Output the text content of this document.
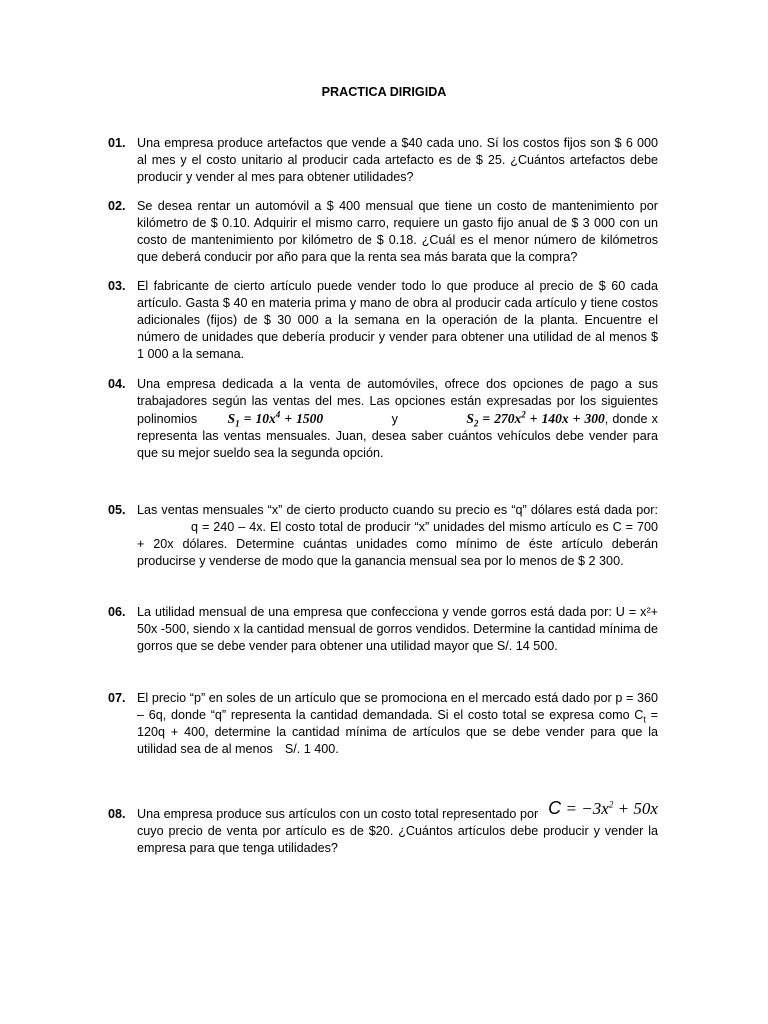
PRACTICA DIRIGIDA
01. Una empresa produce artefactos que vende a $40 cada uno. Sí los costos fijos son $ 6 000 al mes y el costo unitario al producir cada artefacto es de $ 25. ¿Cuántos artefactos debe producir y vender al mes para obtener utilidades?
02. Se desea rentar un automóvil a $ 400 mensual que tiene un costo de mantenimiento por kilómetro de $ 0.10. Adquirir el mismo carro, requiere un gasto fijo anual de $ 3 000 con un costo de mantenimiento por kilómetro de $ 0.18. ¿Cuál es el menor número de kilómetros que deberá conducir por año para que la renta sea más barata que la compra?
03. El fabricante de cierto artículo puede vender todo lo que produce al precio de $ 60 cada artículo. Gasta $ 40 en materia prima y mano de obra al producir cada artículo y tiene costos adicionales (fijos) de $ 30 000 a la semana en la operación de la planta. Encuentre el número de unidades que debería producir y vender para obtener una utilidad de al menos $ 1 000 a la semana.
04. Una empresa dedicada a la venta de automóviles, ofrece dos opciones de pago a sus trabajadores según las ventas del mes. Las opciones están expresadas por los siguientes polinomios $S_1 = 10x^4 + 1500$	y	$S_2 = 270x^2 + 140x + 300$, donde x representa las ventas mensuales. Juan, desea saber cuántos vehículos debe vender para que su mejor sueldo sea la segunda opción.
05. Las ventas mensuales “x” de cierto producto cuando su precio es “q” dólares está dada por:q = 240 – 4x. El costo total de producir “x” unidades del mismo artículo es C = 700 + 20x dólares. Determine cuántas unidades como mínimo de éste artículo deberán producirse y venderse de modo que la ganancia mensual sea por lo menos de $ 2 300.
06. La utilidad mensual de una empresa que confecciona y vende gorros está dada por: U = x²+ 50x -500, siendo x la cantidad mensual de gorros vendidos. Determine la cantidad mínima de gorros que se debe vender para obtener una utilidad mayor que S/. 14 500.
07. El precio “p” en soles de un artículo que se promociona en el mercado está dado por p = 360 – 6q, donde “q” representa la cantidad demandada. Si el costo total se expresa como $C_t = 120q + 400$, determine la cantidad mínima de artículos que se debe vender para que la utilidad sea de al menos S/. 1 400.
08. Una empresa produce sus artículos con un costo total representado por $C = -3x^2 + 50x$ cuyo precio de venta por artículo es de $20. ¿Cuántos artículos debe producir y vender la empresa para que tenga utilidades?
